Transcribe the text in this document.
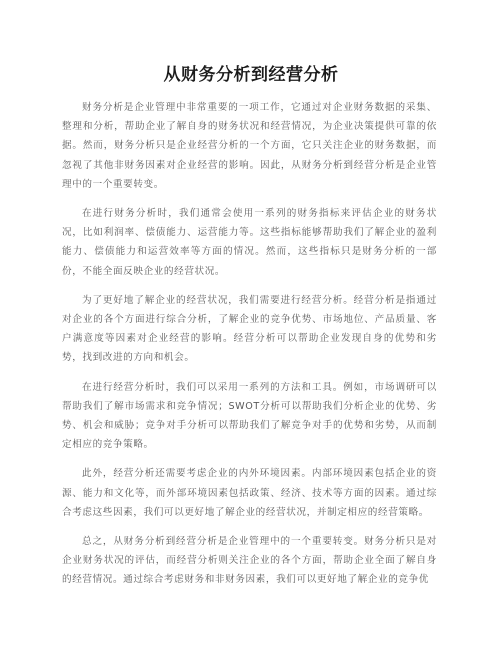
从财务分析到经营分析

财务分析是企业管理中非常重要的一项工作，它通过对企业财务数据的采集、整理和分析，帮助企业了解自身的财务状况和经营情况，为企业决策提供可靠的依据。然而，财务分析只是企业经营分析的一个方面，它只关注企业的财务数据，而忽视了其他非财务因素对企业经营的影响。因此，从财务分析到经营分析是企业管理中的一个重要转变。

在进行财务分析时，我们通常会使用一系列的财务指标来评估企业的财务状况，比如利润率、偿债能力、运营能力等。这些指标能够帮助我们了解企业的盈利能力、偿债能力和运营效率等方面的情况。然而，这些指标只是财务分析的一部份，不能全面反映企业的经营状况。

为了更好地了解企业的经营状况，我们需要进行经营分析。经营分析是指通过对企业的各个方面进行综合分析，了解企业的竞争优势、市场地位、产品质量、客户满意度等因素对企业经营的影响。经营分析可以帮助企业发现自身的优势和劣势，找到改进的方向和机会。

在进行经营分析时，我们可以采用一系列的方法和工具。例如，市场调研可以帮助我们了解市场需求和竞争情况；SWOT分析可以帮助我们分析企业的优势、劣势、机会和威胁；竞争对手分析可以帮助我们了解竞争对手的优势和劣势，从而制定相应的竞争策略。

此外，经营分析还需要考虑企业的内外环境因素。内部环境因素包括企业的资源、能力和文化等，而外部环境因素包括政策、经济、技术等方面的因素。通过综合考虑这些因素，我们可以更好地了解企业的经营状况，并制定相应的经营策略。

总之，从财务分析到经营分析是企业管理中的一个重要转变。财务分析只是对企业财务状况的评估，而经营分析则关注企业的各个方面，帮助企业全面了解自身的经营情况。通过综合考虑财务和非财务因素，我们可以更好地了解企业的竞争优
